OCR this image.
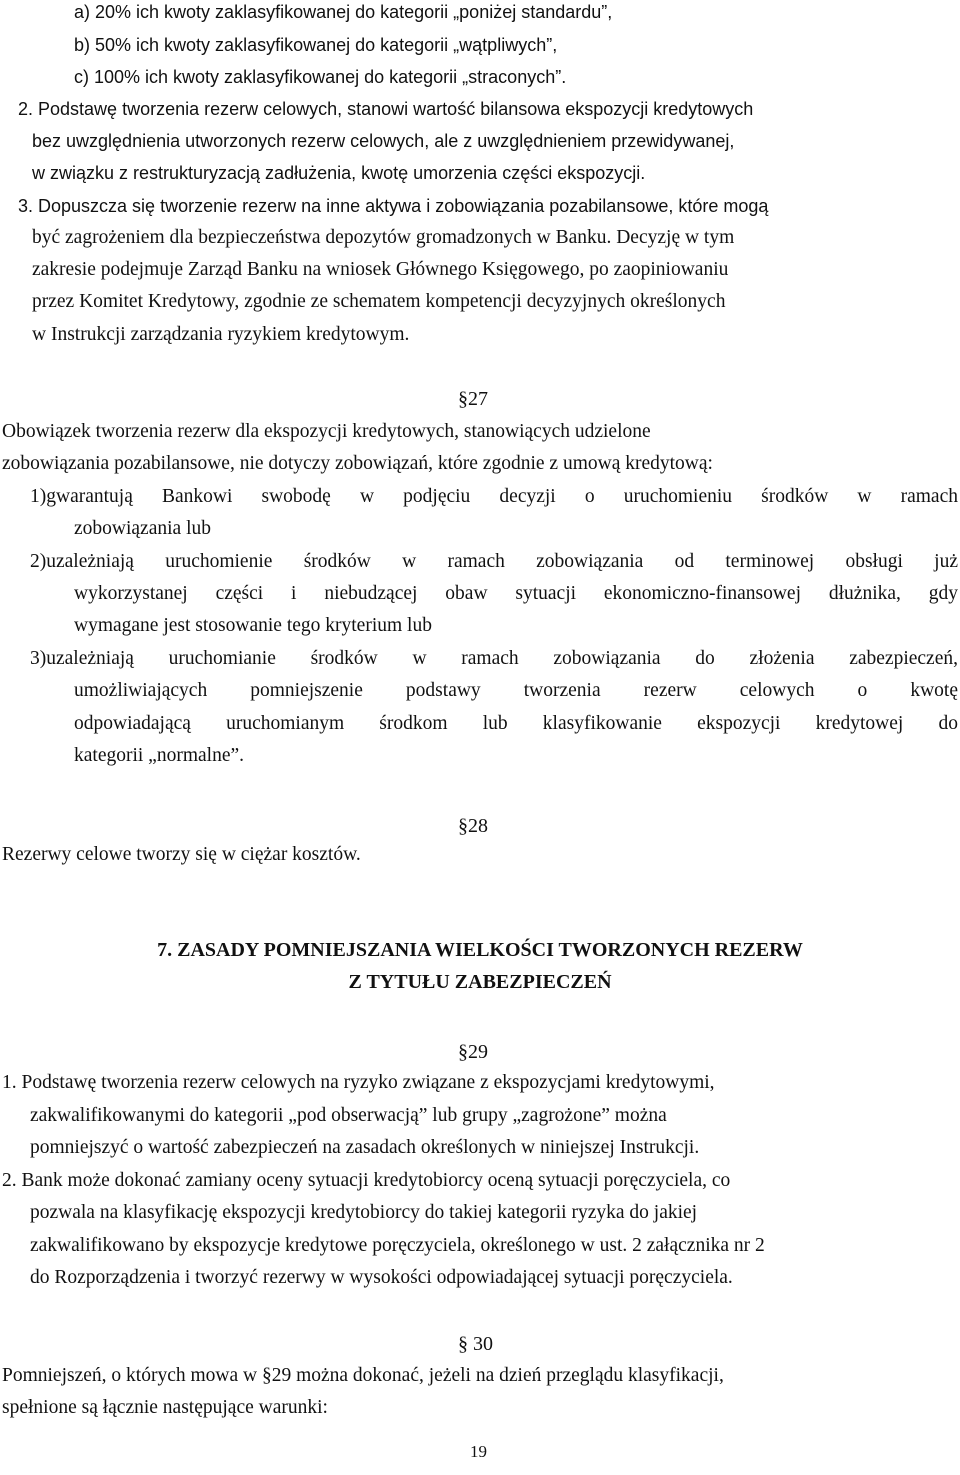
a) 20% ich kwoty zaklasyfikowanej do kategorii „poniżej standardu”,
b) 50% ich kwoty zaklasyfikowanej do kategorii „wątpliwych”,
c) 100% ich kwoty zaklasyfikowanej do kategorii „straconych”.
2. Podstawę tworzenia rezerw celowych, stanowi wartość bilansowa ekspozycji kredytowych
bez uwzględnienia utworzonych rezerw celowych, ale z uwzględnieniem przewidywanej,
w związku z restrukturyzacją zadłużenia, kwotę umorzenia części ekspozycji.
3. Dopuszcza się tworzenie rezerw na inne aktywa i zobowiązania pozabilansowe, które mogą
być zagrożeniem dla bezpieczeństwa depozytów gromadzonych w Banku. Decyzję w tym
zakresie podejmuje Zarząd Banku na wniosek Głównego Księgowego, po zaopiniowaniu
przez Komitet Kredytowy, zgodnie ze schematem kompetencji decyzyjnych określonych
w Instrukcji zarządzania ryzykiem kredytowym.
§27
Obowiązek tworzenia rezerw dla ekspozycji kredytowych, stanowiących udzielone
zobowiązania pozabilansowe, nie dotyczy zobowiązań, które zgodnie z umową kredytową:
1)gwarantują Bankowi swobodę w podjęciu decyzji o uruchomieniu środków w ramach
zobowiązania lub
2)uzależniają uruchomienie środków w ramach zobowiązania od terminowej obsługi już
wykorzystanej części i niebudzącej obaw sytuacji ekonomiczno-finansowej dłużnika, gdy
wymagane jest stosowanie tego kryterium lub
3)uzależniają uruchomianie środków w ramach zobowiązania do złożenia zabezpieczeń,
umożliwiających pomniejszenie podstawy tworzenia rezerw celowych o kwotę
odpowiadającą uruchomianym środkom lub klasyfikowanie ekspozycji kredytowej do
kategorii „normalne”.
§28
Rezerwy celowe tworzy się w ciężar kosztów.
7. ZASADY POMNIEJSZANIA WIELKOŚCI TWORZONYCH REZERW
Z TYTUŁU ZABEZPIECZEŃ
§29
1. Podstawę tworzenia rezerw celowych na ryzyko związane z ekspozycjami kredytowymi,
zakwalifikowanymi do kategorii „pod obserwacją” lub grupy „zagrożone” można
pomniejszyć o wartość zabezpieczeń na zasadach określonych w niniejszej Instrukcji.
2. Bank może dokonać zamiany oceny sytuacji kredytobiorcy oceną sytuacji poręczyciela, co
pozwala na klasyfikację ekspozycji kredytobiorcy do takiej kategorii ryzyka do jakiej
zakwalifikowano by ekspozycje kredytowe poręczyciela, określonego w ust. 2 załącznika nr 2
do Rozporządzenia i tworzyć rezerwy w wysokości odpowiadającej sytuacji poręczyciela.
§ 30
Pomniejszeń, o których mowa w §29 można dokonać, jeżeli na dzień przeglądu klasyfikacji,
spełnione są łącznie następujące warunki:
19
